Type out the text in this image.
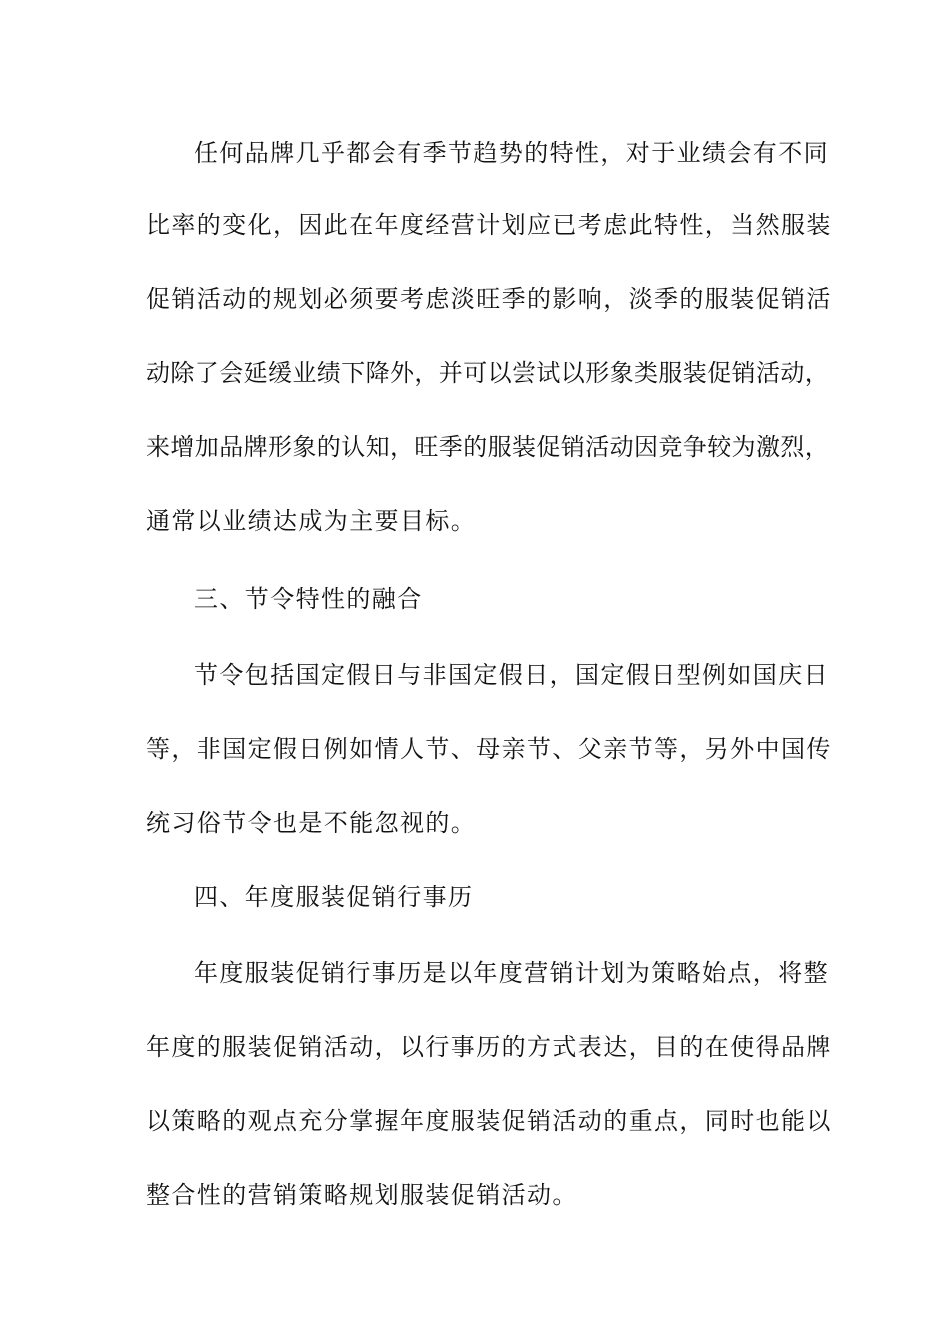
任何品牌几乎都会有季节趋势的特性，对于业绩会有不同
比率的变化，因此在年度经营计划应已考虑此特性，当然服装
促销活动的规划必须要考虑淡旺季的影响，淡季的服装促销活
动除了会延缓业绩下降外，并可以尝试以形象类服装促销活动，
来增加品牌形象的认知，旺季的服装促销活动因竞争较为激烈，
通常以业绩达成为主要目标。
三、节令特性的融合
节令包括国定假日与非国定假日，国定假日型例如国庆日
等，非国定假日例如情人节、母亲节、父亲节等，另外中国传
统习俗节令也是不能忽视的。
四、年度服装促销行事历
年度服装促销行事历是以年度营销计划为策略始点，将整
年度的服装促销活动，以行事历的方式表达，目的在使得品牌
以策略的观点充分掌握年度服装促销活动的重点，同时也能以
整合性的营销策略规划服装促销活动。
